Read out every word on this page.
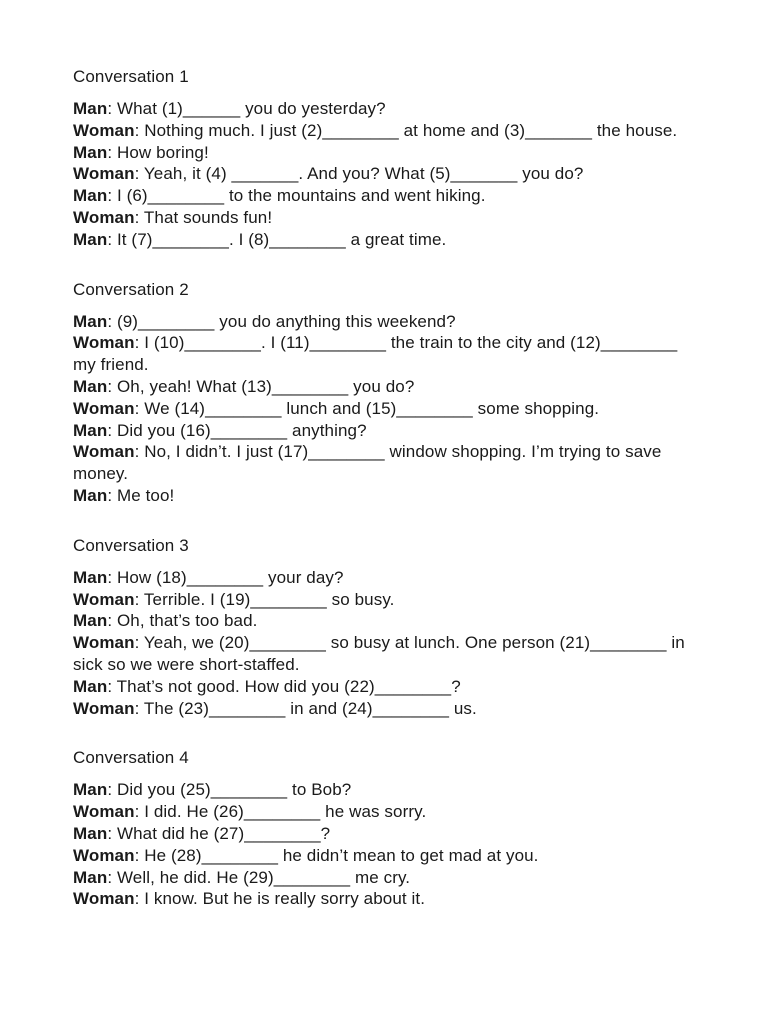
Conversation 1

Man: What (1)______ you do yesterday?

Woman: Nothing much. I just (2)________ at home and (3)_______ the house.

Man: How boring!

Woman: Yeah, it (4) _______. And you? What (5)_______ you do?

Man: I (6)________ to the mountains and went hiking.

Woman: That sounds fun!

Man: It (7)________. I (8)________ a great time.

Conversation 2

Man: (9)________ you do anything this weekend?

Woman: I (10)________. I (11)________ the train to the city and (12)________ my friend.

Man: Oh, yeah! What (13)________ you do?

Woman: We (14)________ lunch and (15)________ some shopping.

Man: Did you (16)________ anything?

Woman: No, I didn’t. I just (17)________ window shopping. I’m trying to save money.

Man: Me too!

Conversation 3

Man: How (18)________ your day?

Woman: Terrible. I (19)________ so busy.

Man: Oh, that’s too bad.

Woman: Yeah, we (20)________ so busy at lunch. One person (21)________ in sick so we were short-staffed.

Man: That’s not good. How did you (22)________?

Woman: The (23)________ in and (24)________ us.

Conversation 4

Man: Did you (25)________ to Bob?

Woman: I did. He (26)________ he was sorry.

Man: What did he (27)________?

Woman: He (28)________ he didn’t mean to get mad at you.

Man: Well, he did. He (29)________ me cry.

Woman: I know. But he is really sorry about it.
